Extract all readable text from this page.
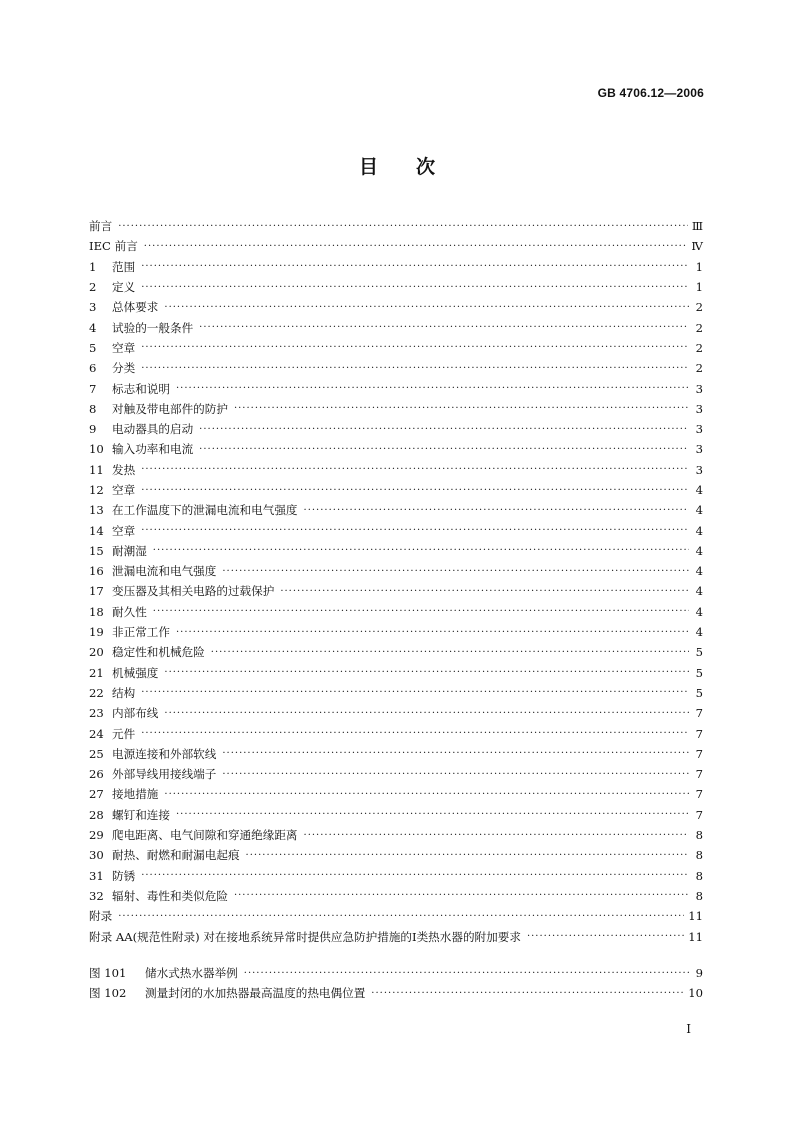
GB 4706.12—2006
目 次
前言 ·····	Ⅲ
IEC 前言 ·····	Ⅳ
1 范围 ·····	1
2 定义 ·····	1
3 总体要求 ·····	2
4 试验的一般条件 ·····	2
5 空章 ·····	2
6 分类 ·····	2
7 标志和说明 ·····	3
8 对触及带电部件的防护 ·····	3
9 电动器具的启动 ·····	3
10 输入功率和电流 ·····	3
11 发热 ·····	3
12 空章 ·····	4
13 在工作温度下的泄漏电流和电气强度 ·····	4
14 空章 ·····	4
15 耐潮湿 ·····	4
16 泄漏电流和电气强度 ·····	4
17 变压器及其相关电路的过载保护 ·····	4
18 耐久性 ·····	4
19 非正常工作 ·····	4
20 稳定性和机械危险 ·····	5
21 机械强度 ·····	5
22 结构 ·····	5
23 内部布线 ·····	7
24 元件 ·····	7
25 电源连接和外部软线 ·····	7
26 外部导线用接线端子 ·····	7
27 接地措施 ·····	7
28 螺钉和连接 ·····	7
29 爬电距离、电气间隙和穿通绝缘距离 ·····	8
30 耐热、耐燃和耐漏电起痕 ·····	8
31 防锈 ·····	8
32 辐射、毒性和类似危险 ·····	8
附录 ·····	11
附录 AA(规范性附录) 对在接地系统异常时提供应急防护措施的Ⅰ类热水器的附加要求 ·····	11
图 101 储水式热水器举例 ·····	9
图 102 测量封闭的水加热器最高温度的热电偶位置 ·····	10
I
